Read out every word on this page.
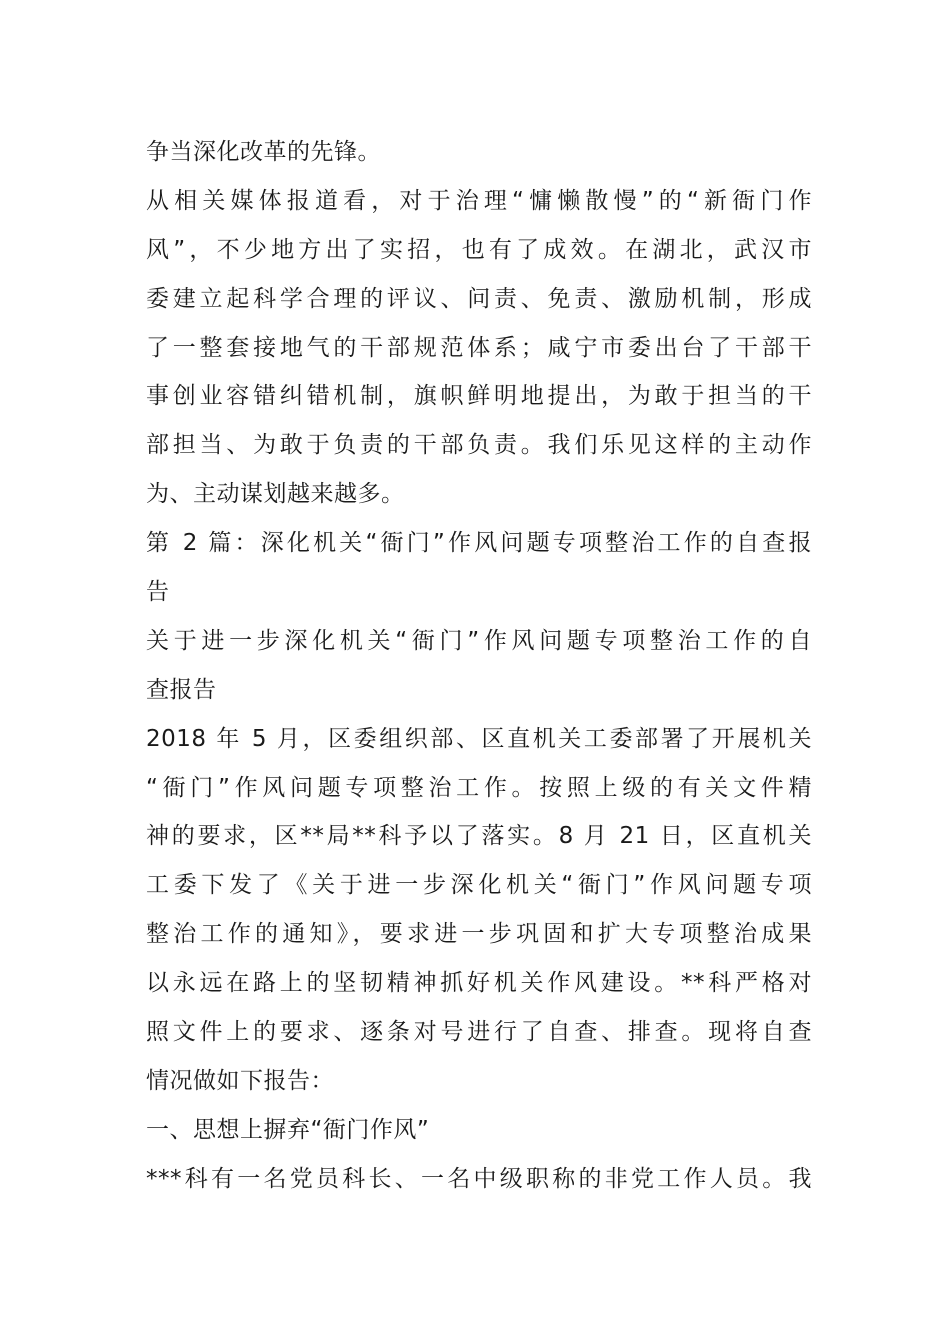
争当深化改革的先锋。
从相关媒体报道看，对于治理“慵懒散慢”的“新衙门作
风”，不少地方出了实招，也有了成效。在湖北，武汉市
委建立起科学合理的评议、问责、免责、激励机制，形成
了一整套接地气的干部规范体系；咸宁市委出台了干部干
事创业容错纠错机制，旗帜鲜明地提出，为敢于担当的干
部担当、为敢于负责的干部负责。我们乐见这样的主动作
为、主动谋划越来越多。
第 2 篇：深化机关“衙门”作风问题专项整治工作的自查报
告
关于进一步深化机关“衙门”作风问题专项整治工作的自
查报告
2018 年 5 月，区委组织部、区直机关工委部署了开展机关
“衙门”作风问题专项整治工作。按照上级的有关文件精
神的要求，区**局**科予以了落实。8 月 21 日，区直机关
工委下发了《关于进一步深化机关“衙门”作风问题专项
整治工作的通知》，要求进一步巩固和扩大专项整治成果
以永远在路上的坚韧精神抓好机关作风建设。**科严格对
照文件上的要求、逐条对号进行了自查、排查。现将自查
情况做如下报告：
一、思想上摒弃“衙门作风”
***科有一名党员科长、一名中级职称的非党工作人员。我
